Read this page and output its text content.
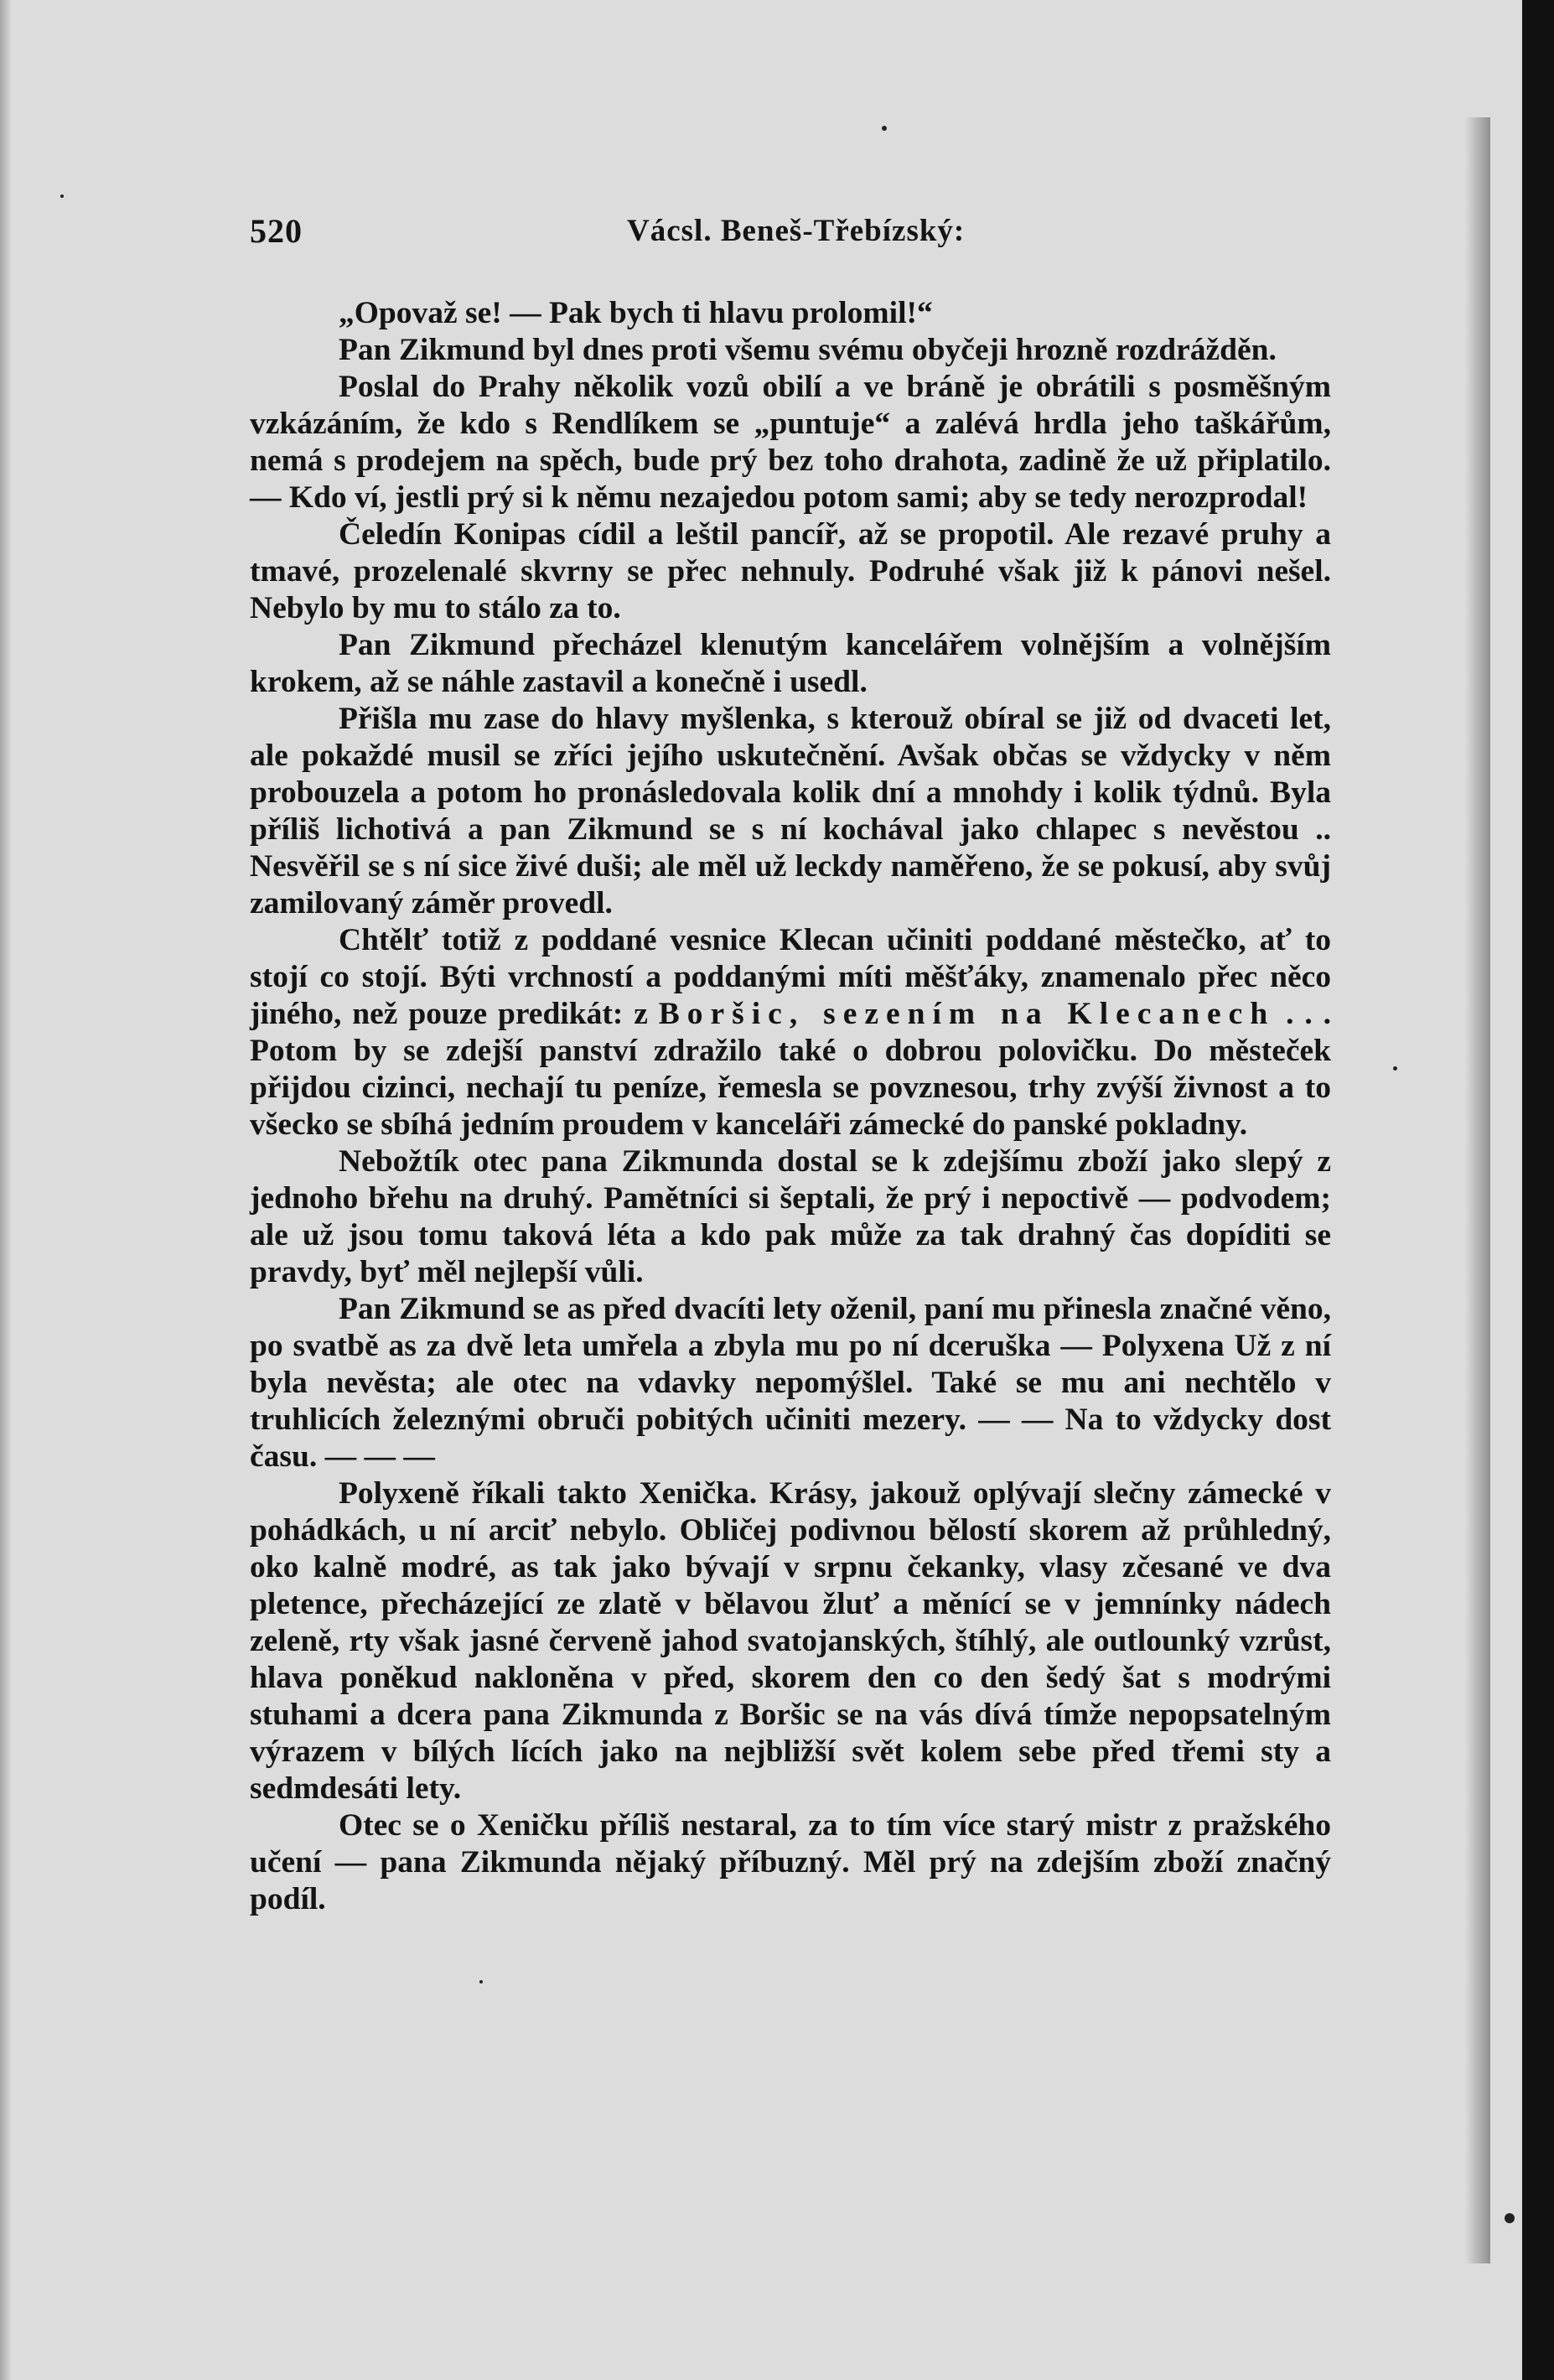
520	Vácsl. Beneš-Třebízský:

„Opovaž se! — Pak bych ti hlavu prolomil!“

Pan Zikmund byl dnes proti všemu svému obyčeji hrozně rozdrážděn.

Poslal do Prahy několik vozů obilí a ve bráně je obrátili s posměšným vzkázáním, že kdo s Rendlíkem se „puntuje“ a zalévá hrdla jeho taškářům, nemá s prodejem na spěch, bude prý bez toho drahota, zadině že už připlatilo. — Kdo ví, jestli prý si k němu nezajedou potom sami; aby se tedy nerozprodal!

Čeledín Konipas cídil a leštil pancíř, až se propotil. Ale rezavé pruhy a tmavé, prozelenalé skvrny se přec nehnuly. Podruhé však již k pánovi nešel. Nebylo by mu to stálo za to.

Pan Zikmund přecházel klenutým kancelářem volnějším a volnějším krokem, až se náhle zastavil a konečně i usedl.

Přišla mu zase do hlavy myšlenka, s kterouž obíral se již od dvaceti let, ale pokaždé musil se zříci jejího uskutečnění. Avšak občas se vždycky v něm probouzela a potom ho pronásledovala kolik dní a mnohdy i kolik týdnů. Byla příliš lichotivá a pan Zikmund se s ní kochával jako chlapec s nevěstou .. Nesvěřil se s ní sice živé duši; ale měl už leckdy naměřeno, že se pokusí, aby svůj zamilovaný záměr provedl.

Chtělť totiž z poddané vesnice Klecan učiniti poddané městečko, ať to stojí co stojí. Býti vrchností a poddanými míti měšťáky, znamenalo přec něco jiného, než pouze predikát: z Boršic, sezením na Klecanech . . . Potom by se zdejší panství zdražilo také o dobrou polovičku. Do městeček přijdou cizinci, nechají tu peníze, řemesla se povznesou, trhy zvýší živnost a to všecko se sbíhá jedním proudem v kanceláři zámecké do panské pokladny.

Nebožtík otec pana Zikmunda dostal se k zdejšímu zboží jako slepý z jednoho břehu na druhý. Pamětníci si šeptali, že prý i nepoctivě — podvodem; ale už jsou tomu taková léta a kdo pak může za tak drahný čas dopíditi se pravdy, byť měl nejlepší vůli.

Pan Zikmund se as před dvacíti lety oženil, paní mu přinesla značné věno, po svatbě as za dvě leta umřela a zbyla mu po ní dceruška — Polyxena Už z ní byla nevěsta; ale otec na vdavky nepomýšlel. Také se mu ani nechtělo v truhlicích železnými obruči pobitých učiniti mezery. — — Na to vždycky dost času. — — —

Polyxeně říkali takto Xenička. Krásy, jakouž oplývají slečny zámecké v pohádkách, u ní arciť nebylo. Obličej podivnou bělostí skorem až průhledný, oko kalně modré, as tak jako bývají v srpnu čekanky, vlasy zčesané ve dva pletence, přecházející ze zlatě v bělavou žluť a měnící se v jemnínky nádech zeleně, rty však jasné červeně jahod svatojanských, štíhlý, ale outlounký vzrůst, hlava poněkud nakloněna v před, skorem den co den šedý šat s modrými stuhami a dcera pana Zikmunda z Boršic se na vás dívá tímže nepopsatelným výrazem v bílých lících jako na nejbližší svět kolem sebe před třemi sty a sedmdesáti lety.

Otec se o Xeničku příliš nestaral, za to tím více starý mistr z pražského učení — pana Zikmunda nějaký příbuzný. Měl prý na zdejším zboží značný podíl.
